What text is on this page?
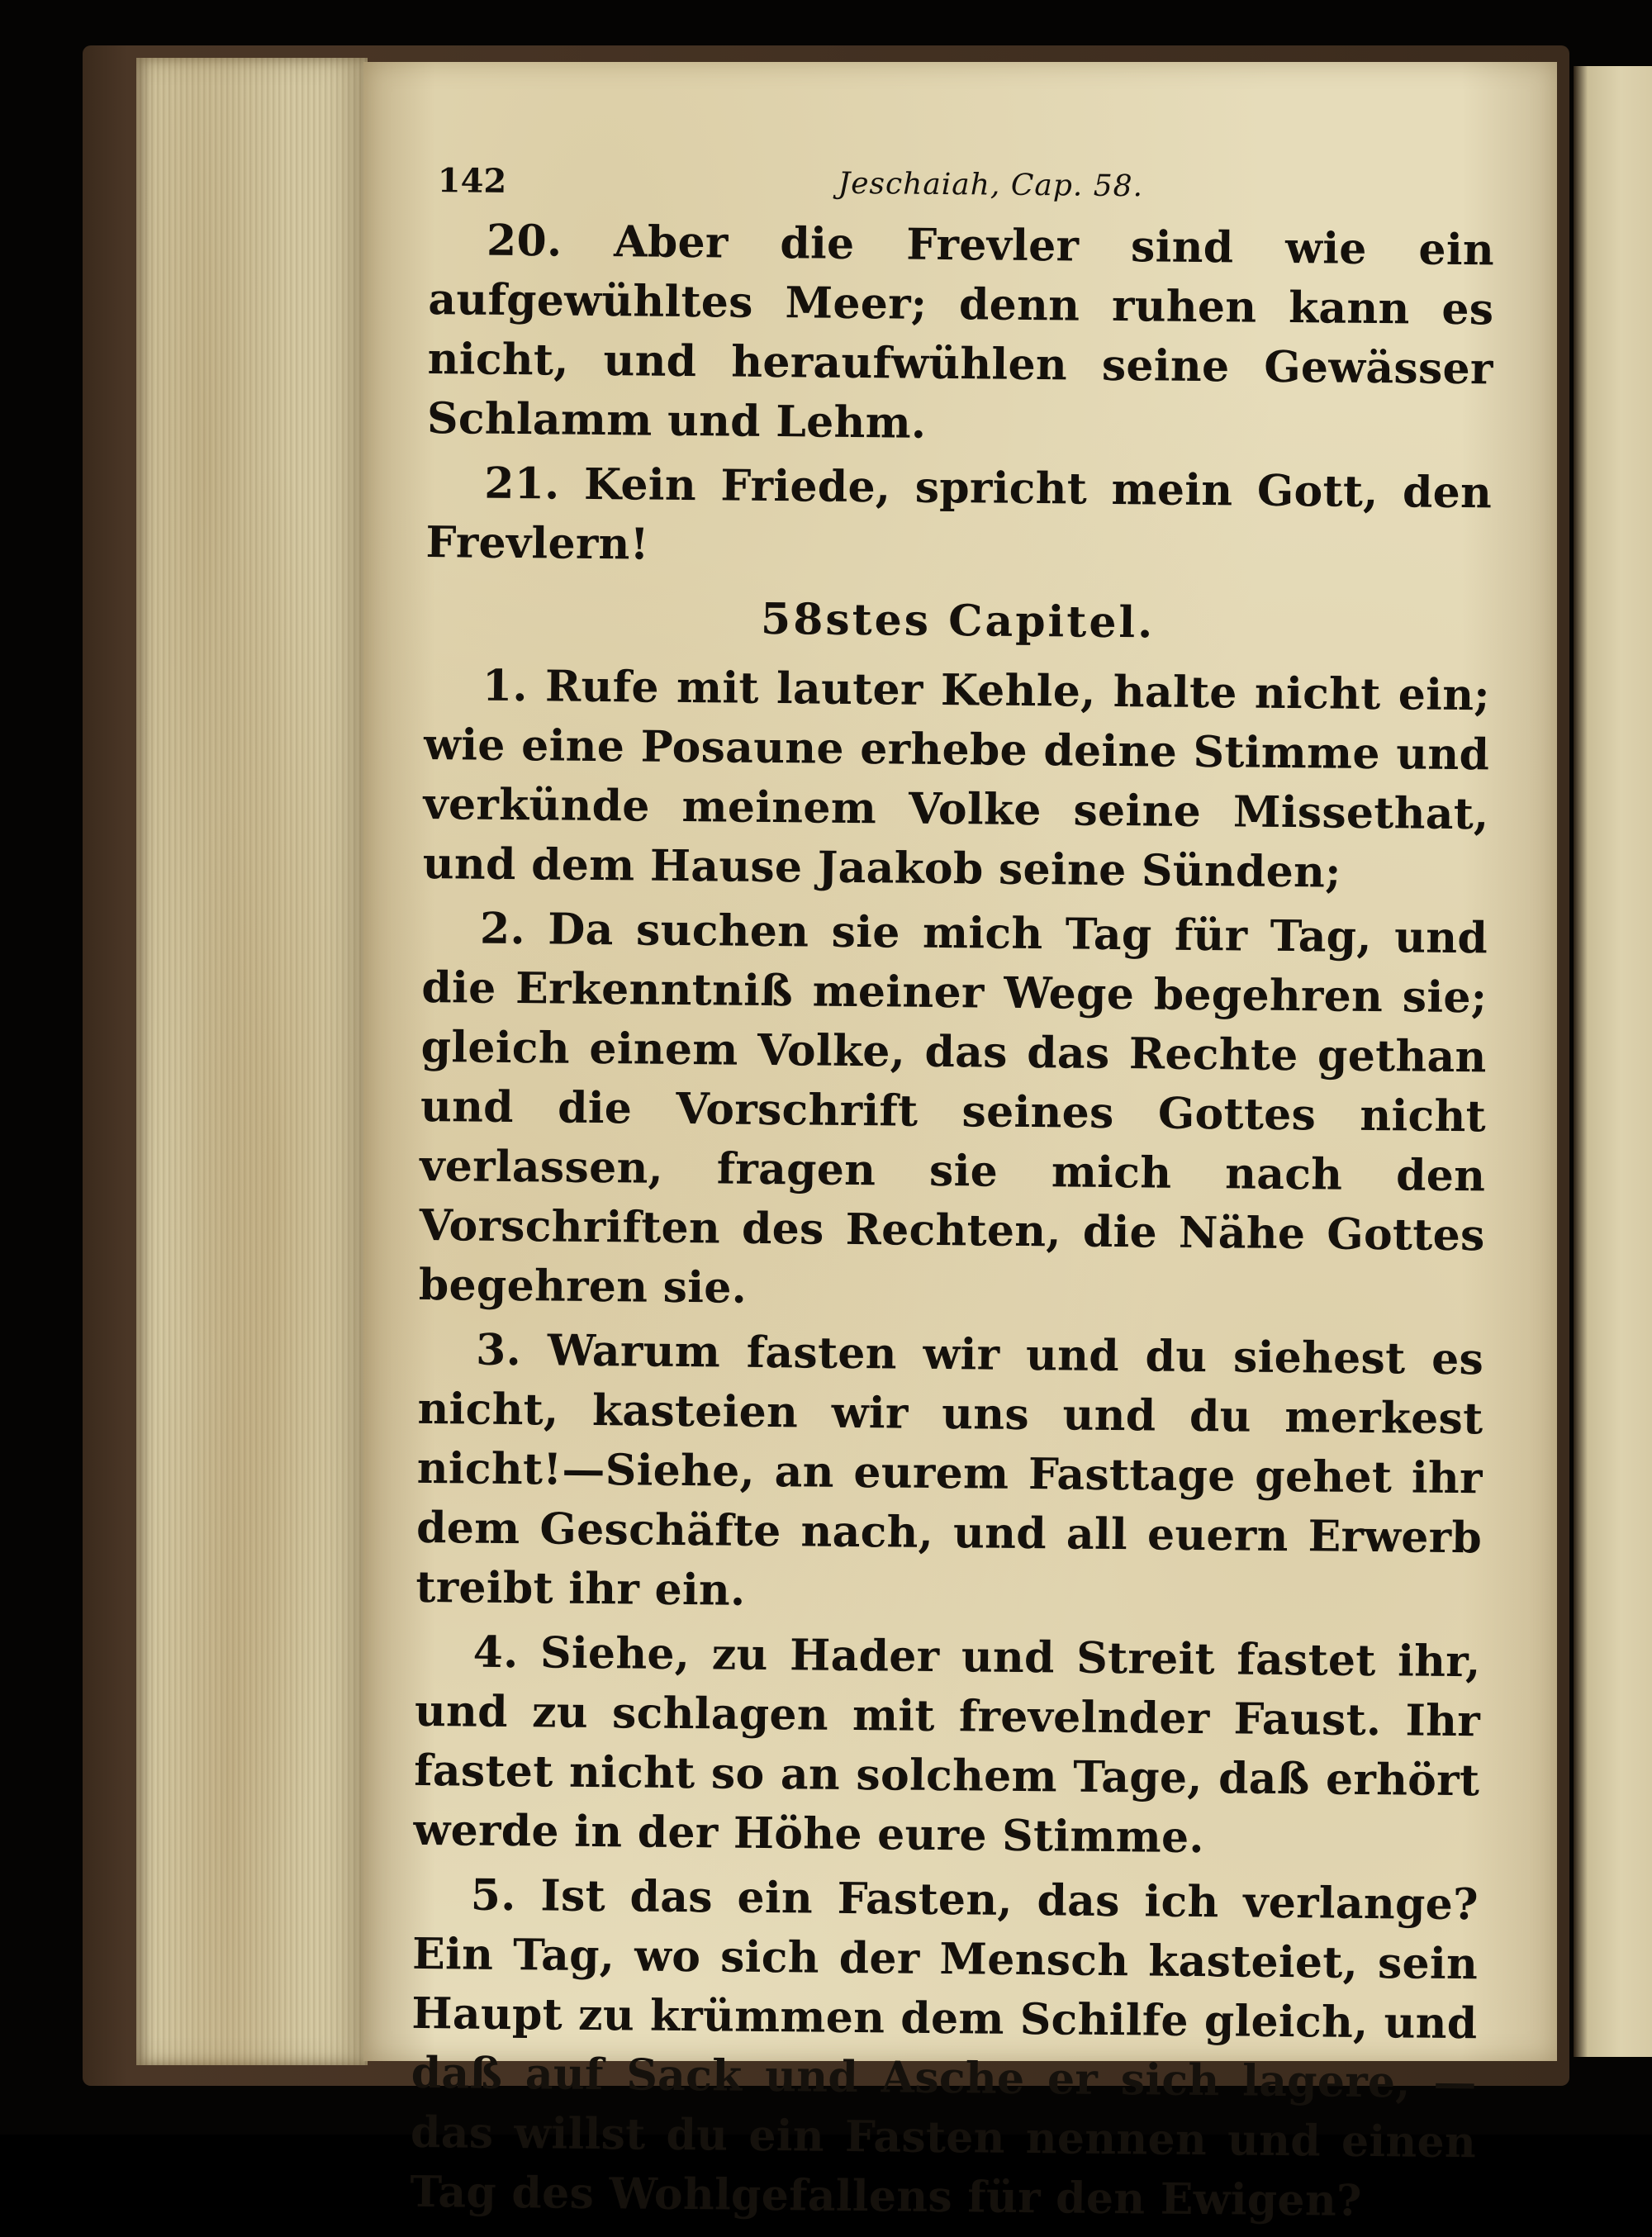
142	Jeschaiah, Cap. 58.

20. Aber die Frevler sind wie ein aufgewühltes Meer; denn ruhen kann es nicht, und heraufwühlen seine Gewässer Schlamm und Lehm.

21. Kein Friede, spricht mein Gott, den Frevlern!

58stes Capitel.

1. Rufe mit lauter Kehle, halte nicht ein; wie eine Posaune erhebe deine Stimme und verkünde meinem Volke seine Missethat, und dem Hause Jaakob seine Sünden;

2. Da suchen sie mich Tag für Tag, und die Erkenntniß meiner Wege begehren sie; gleich einem Volke, das das Rechte gethan und die Vorschrift seines Gottes nicht verlassen, fragen sie mich nach den Vorschriften des Rechten, die Nähe Gottes begehren sie.

3. Warum fasten wir und du siehest es nicht, kasteien wir uns und du merkest nicht!—Siehe, an eurem Fasttage gehet ihr dem Geschäfte nach, und all euern Erwerb treibt ihr ein.

4. Siehe, zu Hader und Streit fastet ihr, und zu schlagen mit frevelnder Faust. Ihr fastet nicht so an solchem Tage, daß erhört werde in der Höhe eure Stimme.

5. Ist das ein Fasten, das ich verlange? Ein Tag, wo sich der Mensch kasteiet, sein Haupt zu krümmen dem Schilfe gleich, und daß auf Sack und Asche er sich lagere, — das willst du ein Fasten nennen und einen Tag des Wohlgefallens für den Ewigen?
